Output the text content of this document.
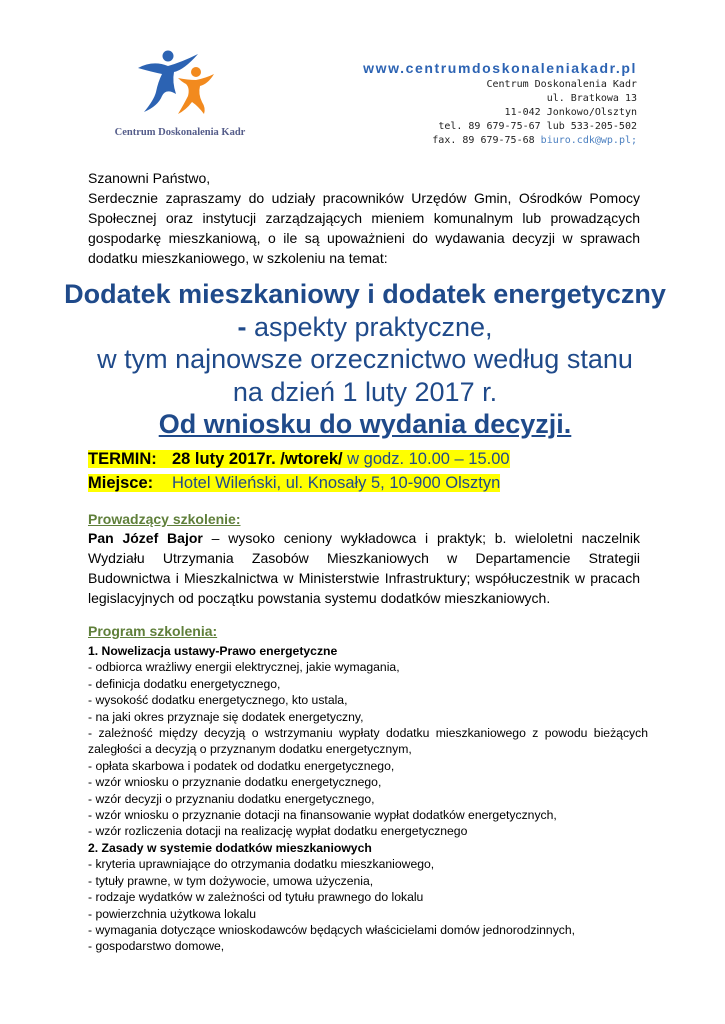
Centrum Doskonalenia Kadr
www.centrumdoskonaleniakadr.pl
Centrum Doskonalenia Kadr
ul. Bratkowa 13
11-042 Jonkowo/Olsztyn
tel. 89 679-75-67 lub 533-205-502
fax. 89 679-75-68 biuro.cdk@wp.pl;

Szanowni Państwo,

Serdecznie zapraszamy do udziały pracowników Urzędów Gmin, Ośrodków Pomocy Społecznej oraz instytucji zarządzających mieniem komunalnym lub prowadzących gospodarkę mieszkaniową, o ile są upoważnieni do wydawania decyzji w sprawach dodatku mieszkaniowego, w szkoleniu na temat:

Dodatek mieszkaniowy i dodatek energetyczny - aspekty praktyczne,
w tym najnowsze orzecznictwo według stanu
na dzień 1 luty 2017 r.
Od wniosku do wydania decyzji.
TERMIN: 28 luty 2017r. /wtorek/ w godz. 10.00 – 15.00
Miejsce: Hotel Wileński, ul. Knosały 5, 10-900 Olsztyn
Prowadzący szkolenie:
Pan Józef Bajor – wysoko ceniony wykładowca i praktyk; b. wieloletni naczelnik Wydziału Utrzymania Zasobów Mieszkaniowych w Departamencie Strategii Budownictwa i Mieszkalnictwa w Ministerstwie Infrastruktury; współuczestnik w pracach legislacyjnych od początku powstania systemu dodatków mieszkaniowych.
Program szkolenia:
1. Nowelizacja ustawy-Prawo energetyczne
- odbiorca wrażliwy energii elektrycznej, jakie wymagania,
- definicja dodatku energetycznego,
- wysokość dodatku energetycznego, kto ustala,
- na jaki okres przyznaje się dodatek energetyczny,
- zależność między decyzją o wstrzymaniu wypłaty dodatku mieszkaniowego z powodu bieżących zaległości a decyzją o przyznanym dodatku energetycznym,
- opłata skarbowa i podatek od dodatku energetycznego,
- wzór wniosku o przyznanie dodatku energetycznego,
- wzór decyzji o przyznaniu dodatku energetycznego,
- wzór wniosku o przyznanie dotacji na finansowanie wypłat dodatków energetycznych,
- wzór rozliczenia dotacji na realizację wypłat dodatku energetycznego
2. Zasady w systemie dodatków mieszkaniowych
- kryteria uprawniające do otrzymania dodatku mieszkaniowego,
- tytuły prawne, w tym dożywocie, umowa użyczenia,
- rodzaje wydatków w zależności od tytułu prawnego do lokalu
- powierzchnia użytkowa lokalu
- wymagania dotyczące wnioskodawców będących właścicielami domów jednorodzinnych,
- gospodarstwo domowe,
